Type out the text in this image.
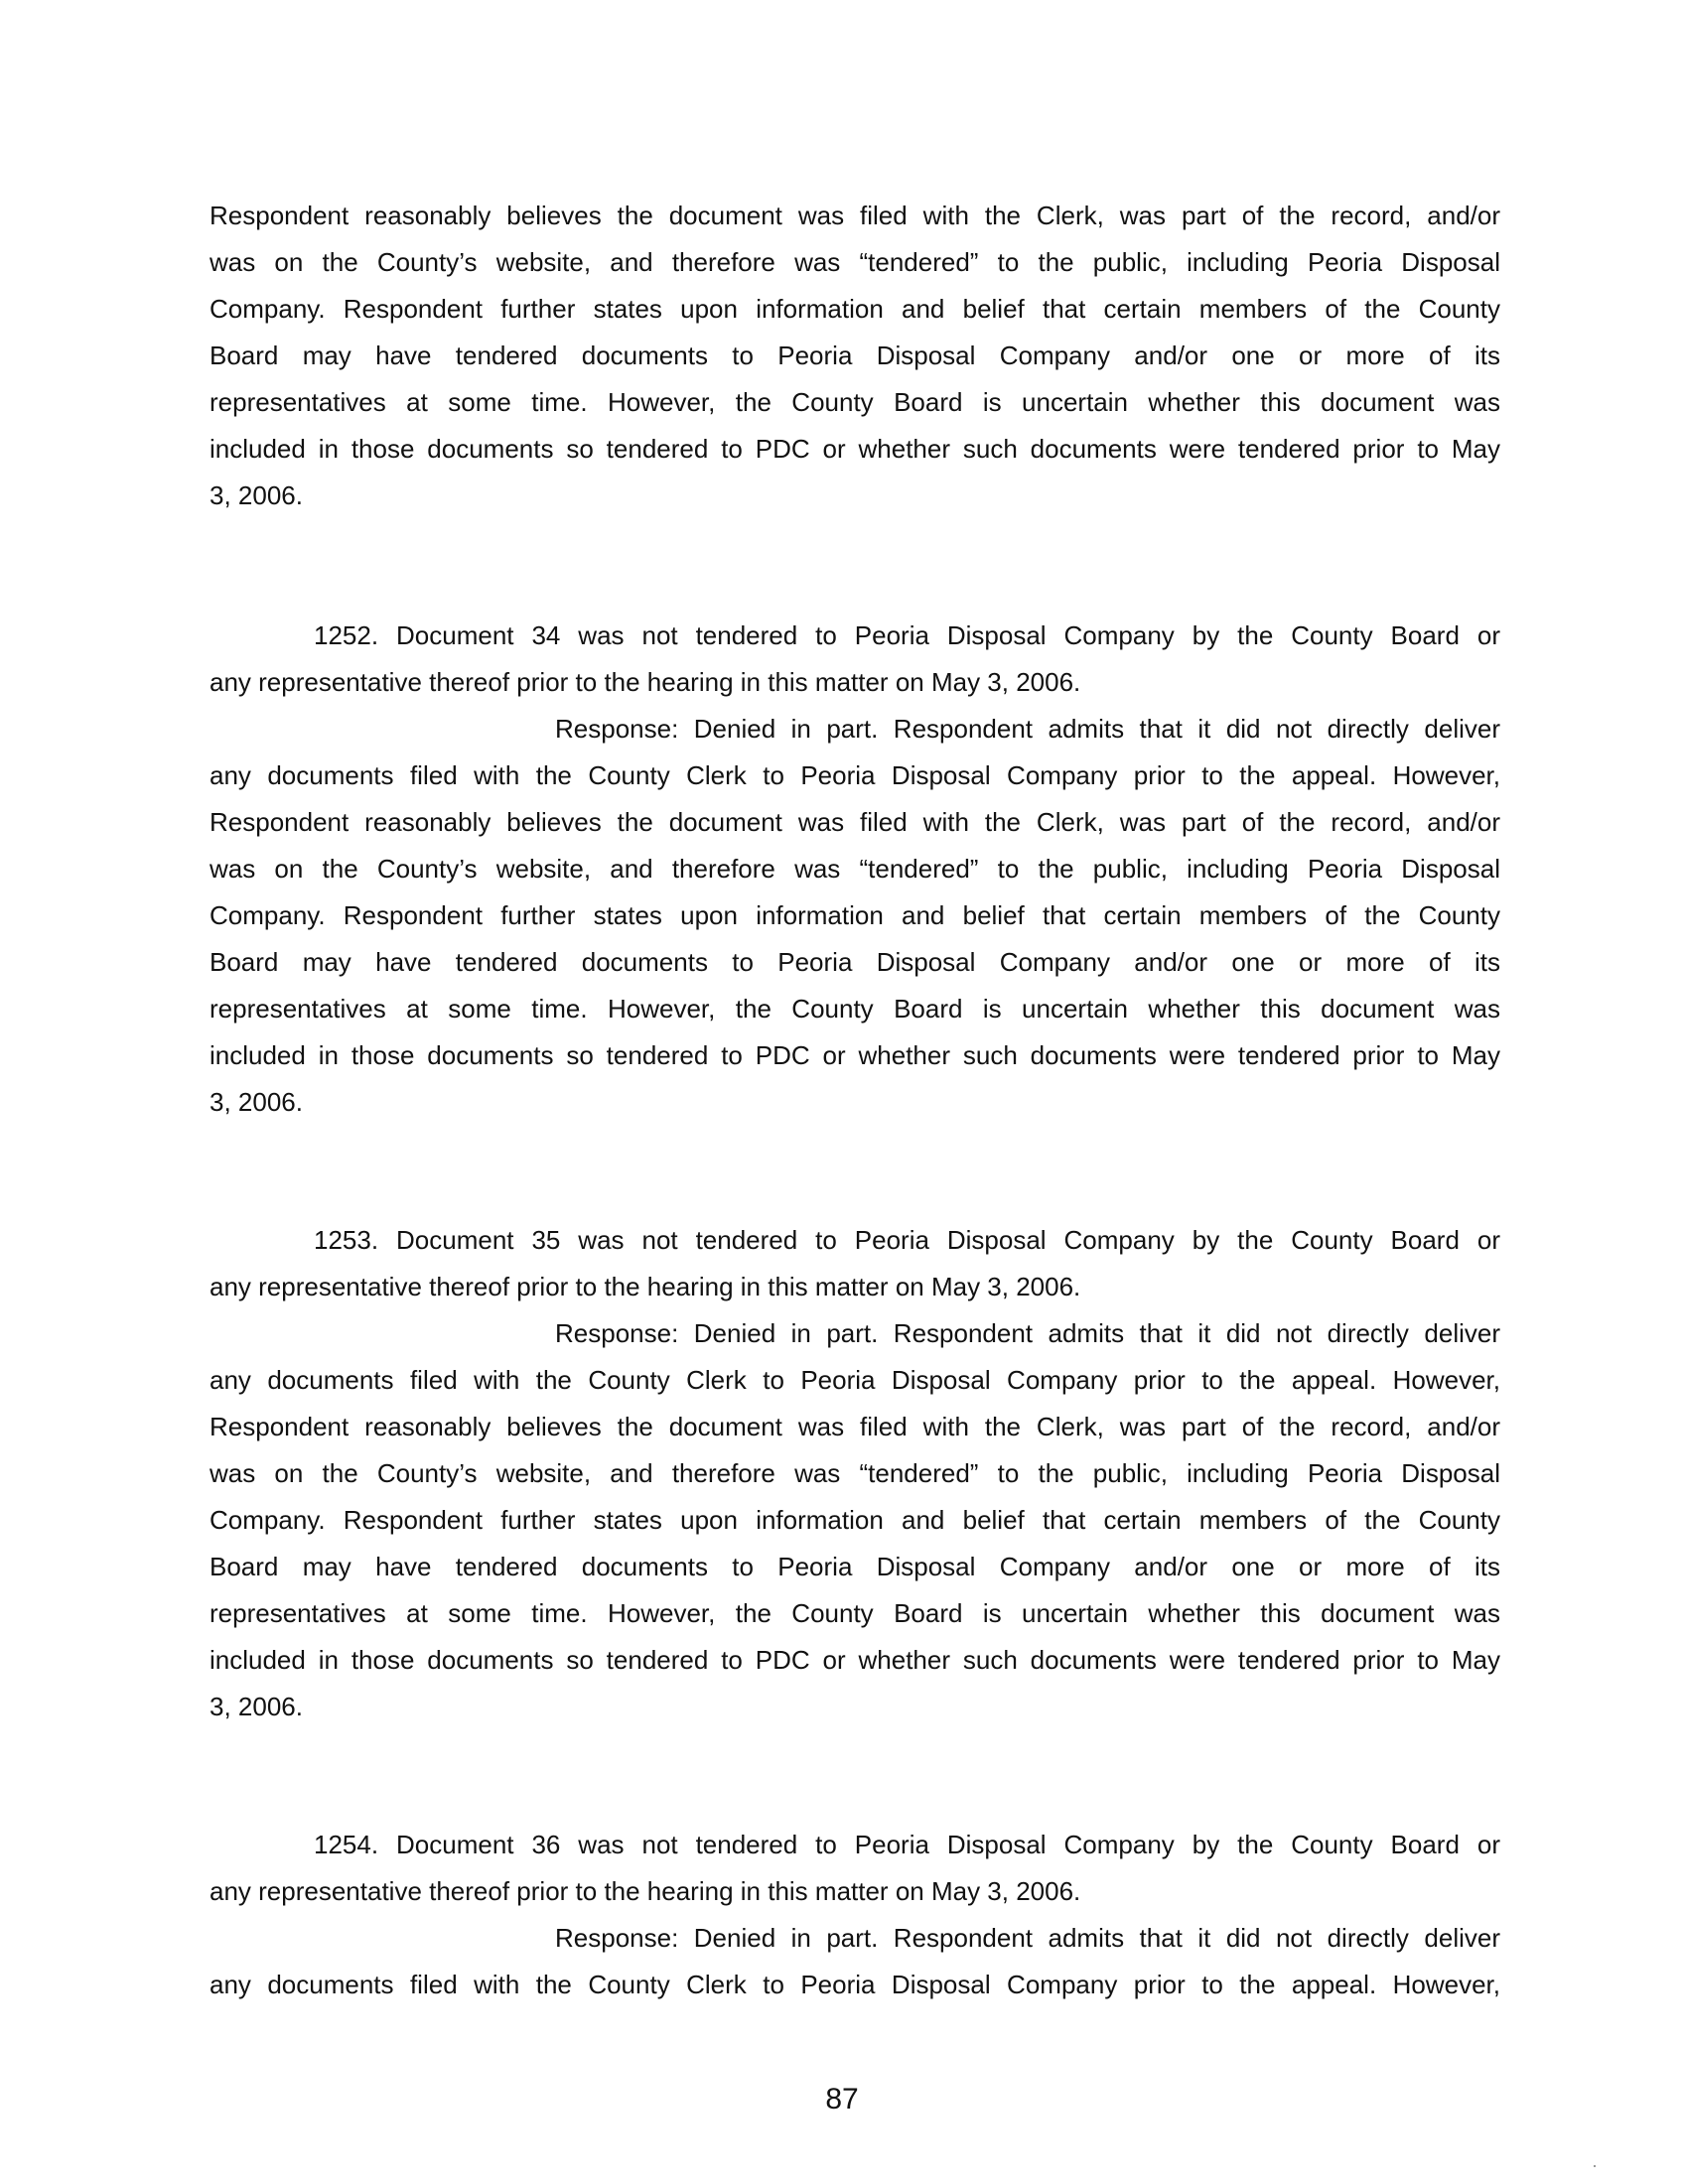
Respondent reasonably believes the document was filed with the Clerk, was part of the record, and/or
was on the County’s website, and therefore was “tendered” to the public, including Peoria Disposal
Company. Respondent further states upon information and belief that certain members of the County
Board may have tendered documents to Peoria Disposal Company and/or one or more of its
representatives at some time. However, the County Board is uncertain whether this document was
included in those documents so tendered to PDC or whether such documents were tendered prior to May
3, 2006.
1252. Document 34 was not tendered to Peoria Disposal Company by the County Board or
any representative thereof prior to the hearing in this matter on May 3, 2006.
Response: Denied in part. Respondent admits that it did not directly deliver
any documents filed with the County Clerk to Peoria Disposal Company prior to the appeal. However,
Respondent reasonably believes the document was filed with the Clerk, was part of the record, and/or
was on the County’s website, and therefore was “tendered” to the public, including Peoria Disposal
Company. Respondent further states upon information and belief that certain members of the County
Board may have tendered documents to Peoria Disposal Company and/or one or more of its
representatives at some time. However, the County Board is uncertain whether this document was
included in those documents so tendered to PDC or whether such documents were tendered prior to May
3, 2006.
1253. Document 35 was not tendered to Peoria Disposal Company by the County Board or
any representative thereof prior to the hearing in this matter on May 3, 2006.
Response: Denied in part. Respondent admits that it did not directly deliver
any documents filed with the County Clerk to Peoria Disposal Company prior to the appeal. However,
Respondent reasonably believes the document was filed with the Clerk, was part of the record, and/or
was on the County’s website, and therefore was “tendered” to the public, including Peoria Disposal
Company. Respondent further states upon information and belief that certain members of the County
Board may have tendered documents to Peoria Disposal Company and/or one or more of its
representatives at some time. However, the County Board is uncertain whether this document was
included in those documents so tendered to PDC or whether such documents were tendered prior to May
3, 2006.
1254. Document 36 was not tendered to Peoria Disposal Company by the County Board or
any representative thereof prior to the hearing in this matter on May 3, 2006.
Response: Denied in part. Respondent admits that it did not directly deliver
any documents filed with the County Clerk to Peoria Disposal Company prior to the appeal. However,
87
